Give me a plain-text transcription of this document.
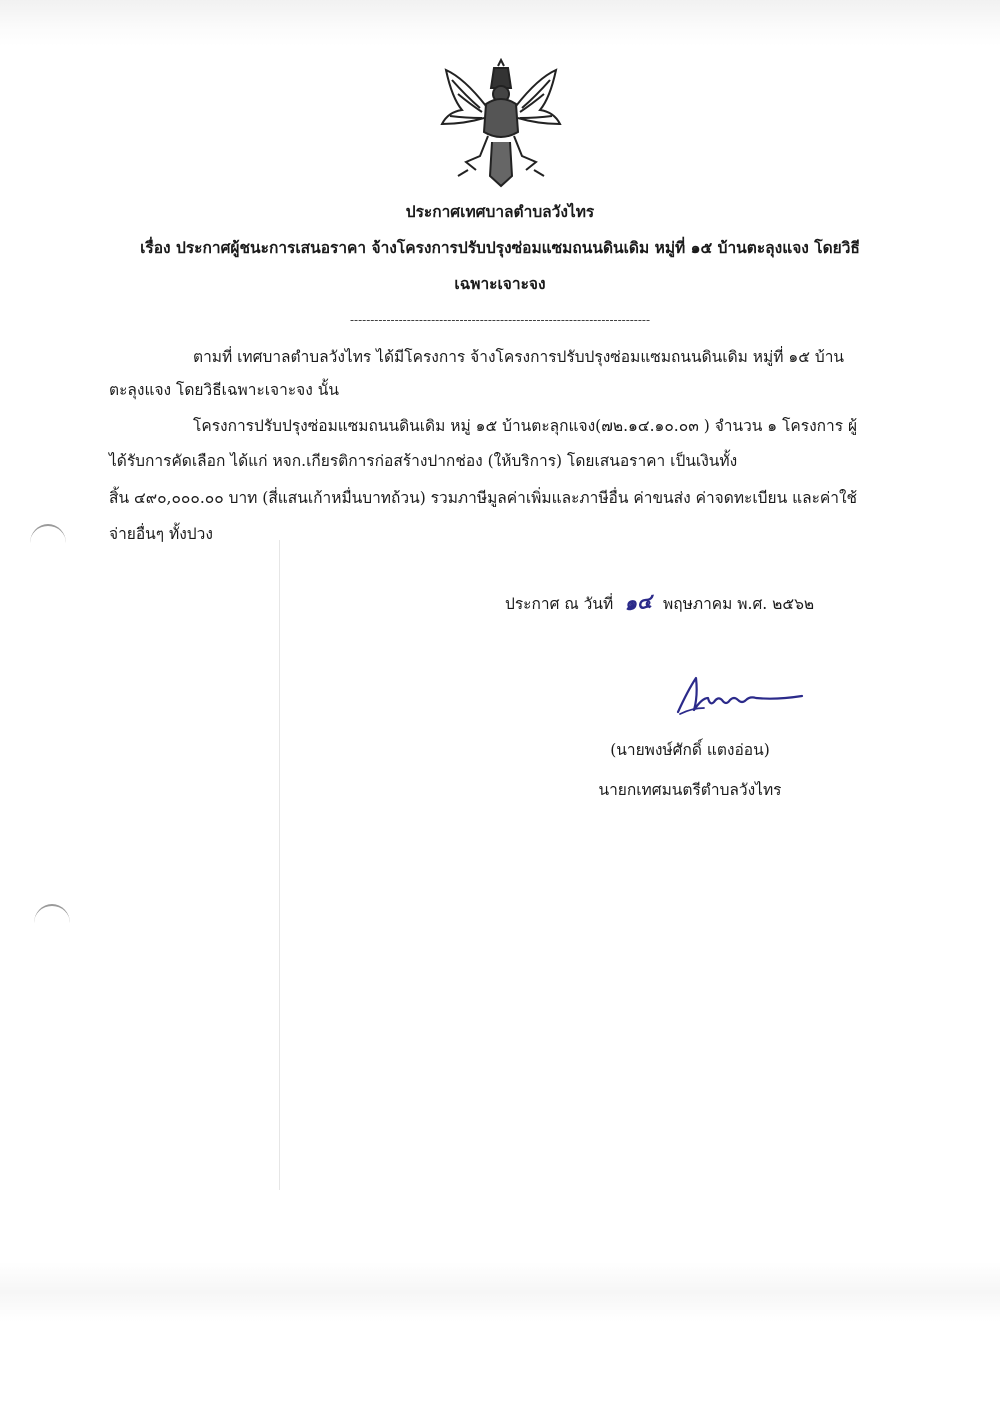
ประกาศเทศบาลตำบลวังไทร
เรื่อง ประกาศผู้ชนะการเสนอราคา จ้างโครงการปรับปรุงซ่อมแซมถนนดินเดิม หมู่ที่ ๑๕ บ้านตะลุงแจง โดยวิธี
เฉพาะเจาะจง
--------------------------------------------------------------------------
ตามที่ เทศบาลตำบลวังไทร ได้มีโครงการ จ้างโครงการปรับปรุงซ่อมแซมถนนดินเดิม หมู่ที่ ๑๕ บ้าน
ตะลุงแจง โดยวิธีเฉพาะเจาะจง นั้น
โครงการปรับปรุงซ่อมแซมถนนดินเดิม หมู่ ๑๕ บ้านตะลุกแจง(๗๒.๑๔.๑๐.๐๓ ) จำนวน ๑ โครงการ ผู้
ได้รับการคัดเลือก ได้แก่ หจก.เกียรติการก่อสร้างปากช่อง (ให้บริการ) โดยเสนอราคา เป็นเงินทั้ง
สิ้น ๔๙๐,๐๐๐.๐๐ บาท (สี่แสนเก้าหมื่นบาทถ้วน) รวมภาษีมูลค่าเพิ่มและภาษีอื่น ค่าขนส่ง ค่าจดทะเบียน และค่าใช้
จ่ายอื่นๆ ทั้งปวง
ประกาศ ณ วันที่ ๑๔ พฤษภาคม พ.ศ. ๒๕๖๒
(นายพงษ์ศักดิ์ แตงอ่อน)
นายกเทศมนตรีตำบลวังไทร
